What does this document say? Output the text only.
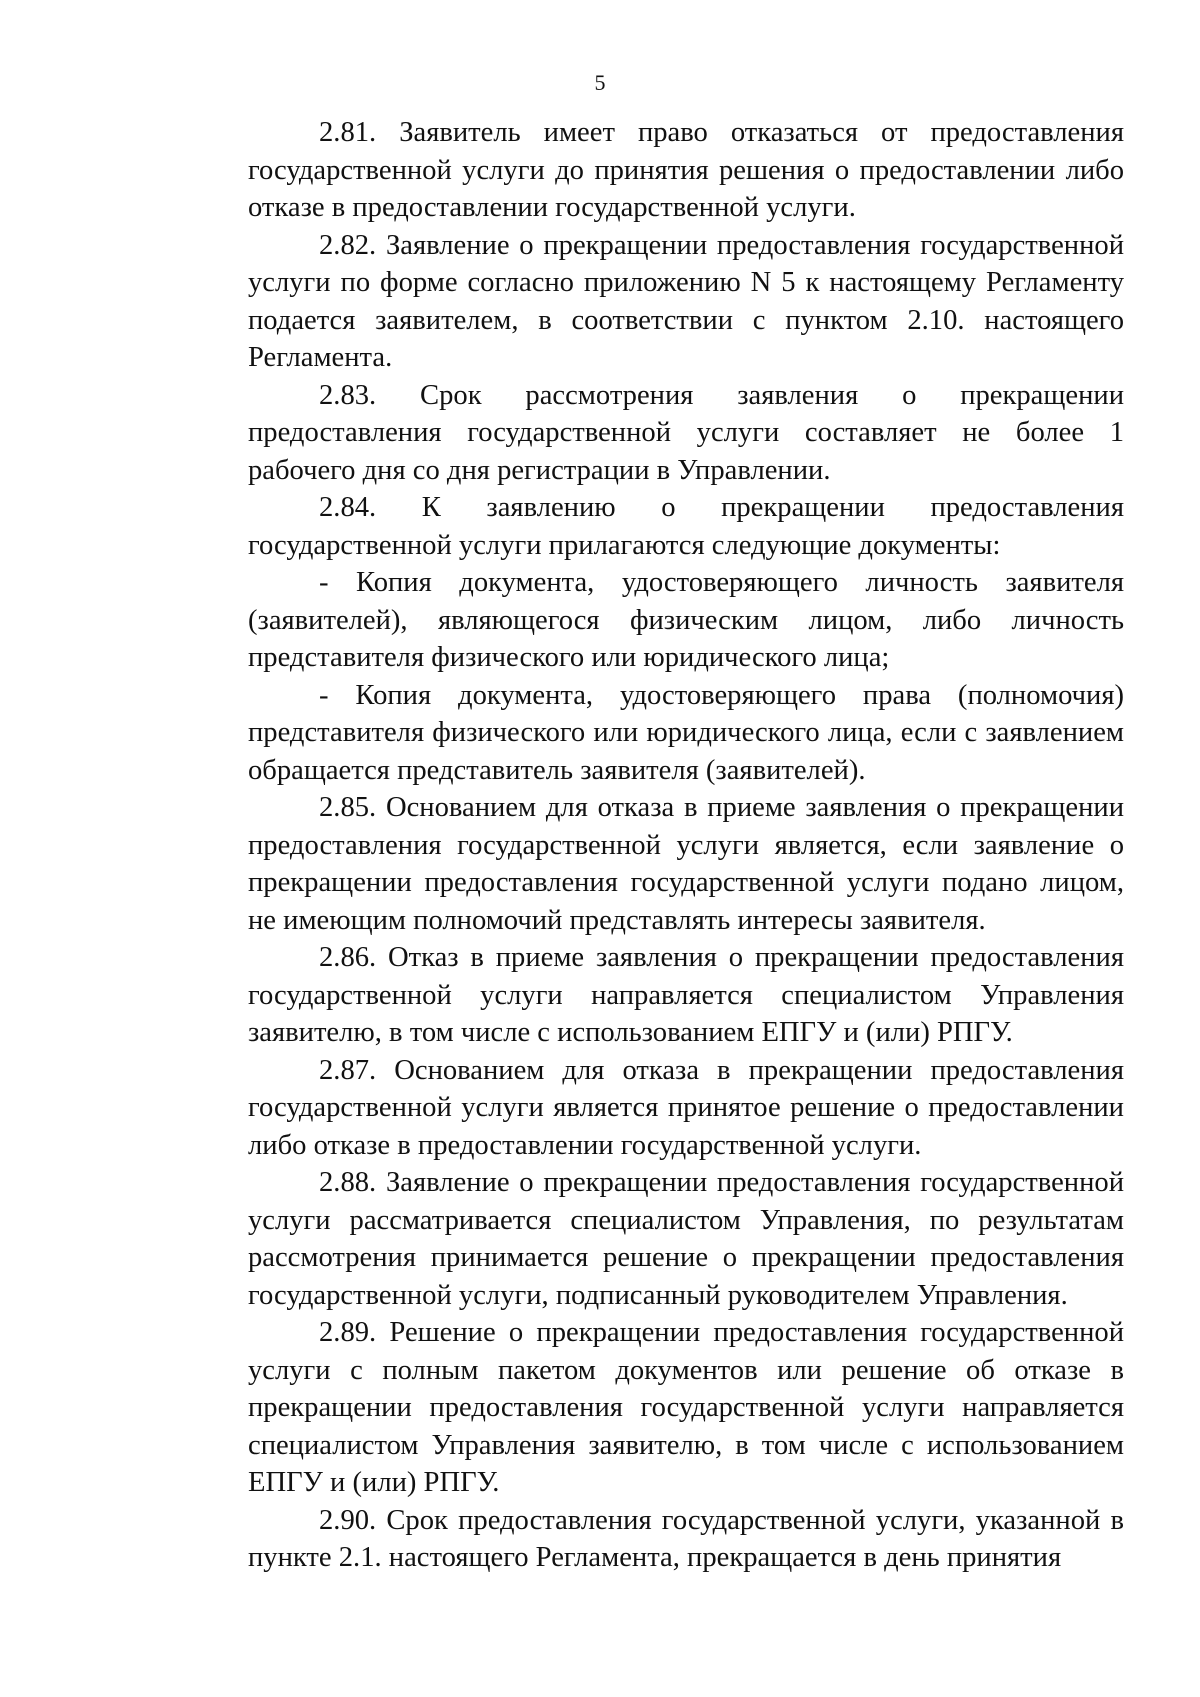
5

2.81. Заявитель имеет право отказаться от предоставления государственной услуги до принятия решения о предоставлении либо отказе в предоставлении государственной услуги.

2.82. Заявление о прекращении предоставления государственной услуги по форме согласно приложению N 5 к настоящему Регламенту подается заявителем, в соответствии с пунктом 2.10. настоящего Регламента.

2.83. Срок рассмотрения заявления о прекращении предоставления государственной услуги составляет не более 1 рабочего дня со дня регистрации в Управлении.

2.84. К заявлению о прекращении предоставления государственной услуги прилагаются следующие документы:

- Копия документа, удостоверяющего личность заявителя (заявителей), являющегося физическим лицом, либо личность представителя физического или юридического лица;

- Копия документа, удостоверяющего права (полномочия) представителя физического или юридического лица, если с заявлением обращается представитель заявителя (заявителей).

2.85. Основанием для отказа в приеме заявления о прекращении предоставления государственной услуги является, если заявление о прекращении предоставления государственной услуги подано лицом, не имеющим полномочий представлять интересы заявителя.

2.86. Отказ в приеме заявления о прекращении предоставления государственной услуги направляется специалистом Управления заявителю, в том числе с использованием ЕПГУ и (или) РПГУ.

2.87. Основанием для отказа в прекращении предоставления государственной услуги является принятое решение о предоставлении либо отказе в предоставлении государственной услуги.

2.88. Заявление о прекращении предоставления государственной услуги рассматривается специалистом Управления, по результатам рассмотрения принимается решение о прекращении предоставления государственной услуги, подписанный руководителем Управления.

2.89. Решение о прекращении предоставления государственной услуги с полным пакетом документов или решение об отказе в прекращении предоставления государственной услуги направляется специалистом Управления заявителю, в том числе с использованием ЕПГУ и (или) РПГУ.

2.90. Срок предоставления государственной услуги, указанной в пункте 2.1. настоящего Регламента, прекращается в день принятия
